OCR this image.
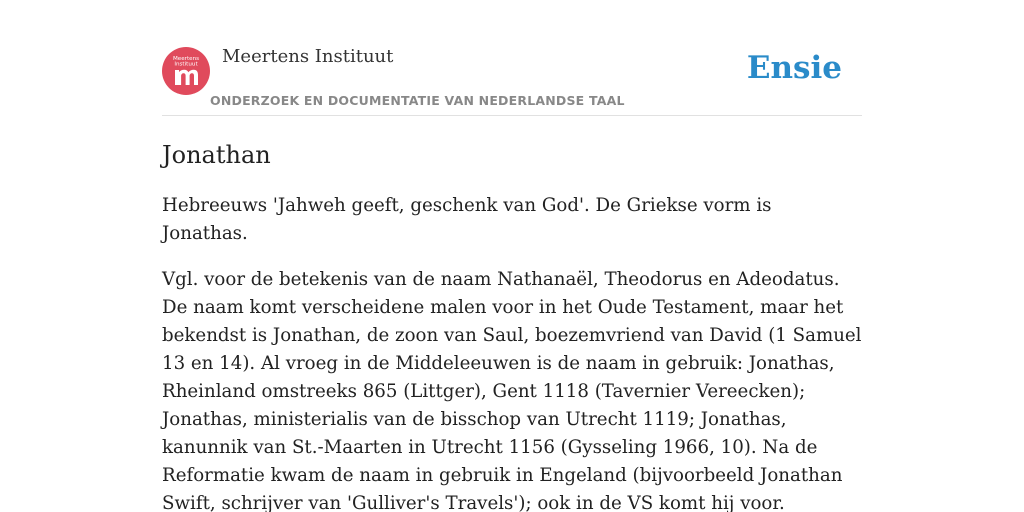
Meertens Instituut Meertens Instituut
ONDERZOEK EN DOCUMENTATIE VAN NEDERLANDSE TAAL
Ensie
Jonathan

Hebreeuws 'Jahweh geeft, geschenk van God'. De Griekse vorm is Jonathas.

Vgl. voor de betekenis van de naam Nathanaël, Theodorus en Adeodatus. De naam komt verscheidene malen voor in het Oude Testament, maar het bekendst is Jonathan, de zoon van Saul, boezemvriend van David (1 Samuel 13 en 14). Al vroeg in de Middeleeuwen is de naam in gebruik: Jonathas, Rheinland omstreeks 865 (Littger), Gent 1118 (Tavernier Vereecken); Jonathas, ministerialis van de bisschop van Utrecht 1119; Jonathas, kanunnik van St.-Maarten in Utrecht 1156 (Gysseling 1966, 10). Na de Reformatie kwam de naam in gebruik in Engeland (bijvoorbeeld Jonathan Swift, schrijver van 'Gulliver's Travels'); ook in de VS komt hij voor.
